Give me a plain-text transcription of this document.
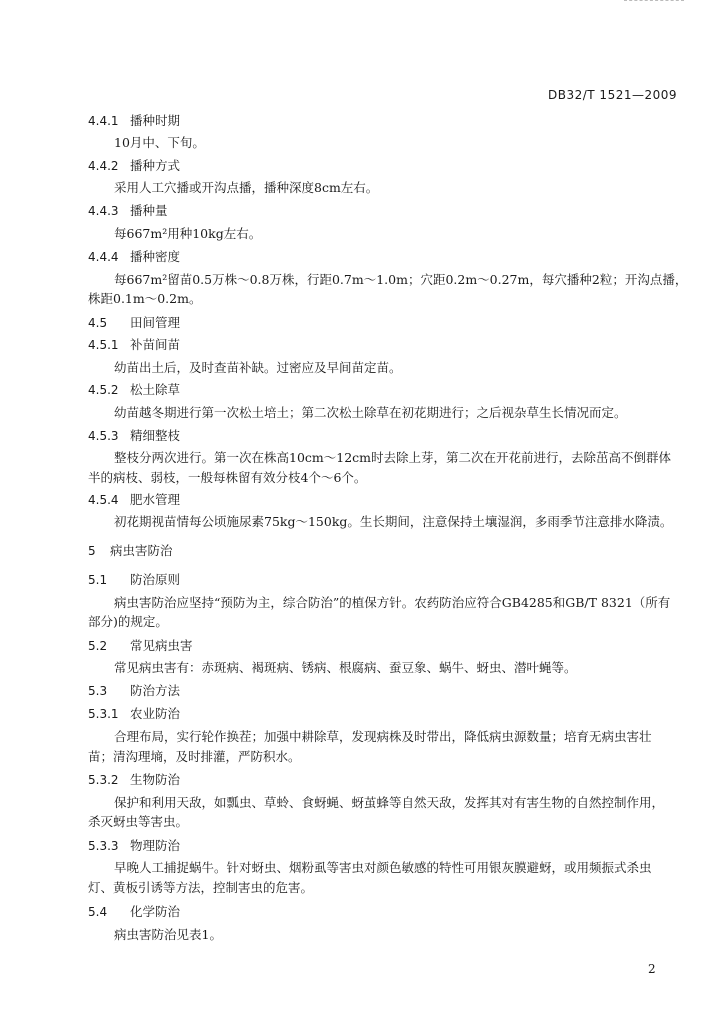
DB32/T 1521—2009
4.4.1 播种时期
10月中、下旬。
4.4.2 播种方式
采用人工穴播或开沟点播，播种深度8cm左右。
4.4.3 播种量
每667m²用种10kg左右。
4.4.4 播种密度
每667m²留苗0.5万株～0.8万株，行距0.7m～1.0m；穴距0.2m～0.27m，每穴播种2粒；开沟点播，
株距0.1m～0.2m。
4.5 田间管理
4.5.1 补苗间苗
幼苗出土后，及时查苗补缺。过密应及早间苗定苗。
4.5.2 松土除草
幼苗越冬期进行第一次松土培土；第二次松土除草在初花期进行；之后视杂草生长情况而定。
4.5.3 精细整枝
整枝分两次进行。第一次在株高10cm～12cm时去除上芽，第二次在开花前进行，去除茁高不倒群体
半的病枝、弱枝，一般每株留有效分枝4个～6个。
4.5.4 肥水管理
初花期视苗情每公顷施尿素75kg～150kg。生长期间，注意保持土壤湿润，多雨季节注意排水降渍。
5 病虫害防治
5.1 防治原则
病虫害防治应坚持“预防为主，综合防治”的植保方针。农药防治应符合GB4285和GB/T 8321（所有
部分)的规定。
5.2 常见病虫害
常见病虫害有：赤斑病、褐斑病、锈病、根腐病、蚕豆象、蜗牛、蚜虫、潜叶蝇等。
5.3 防治方法
5.3.1 农业防治
合理布局，实行轮作换茬；加强中耕除草，发现病株及时带出，降低病虫源数量；培育无病虫害壮
苗；清沟理墒，及时排灌，严防积水。
5.3.2 生物防治
保护和利用天敌，如瓢虫、草蛉、食蚜蝇、蚜茧蜂等自然天敌，发挥其对有害生物的自然控制作用，
杀灭蚜虫等害虫。
5.3.3 物理防治
早晚人工捕捉蜗牛。针对蚜虫、烟粉虱等害虫对颜色敏感的特性可用银灰膜避蚜，或用频振式杀虫
灯、黄板引诱等方法，控制害虫的危害。
5.4 化学防治
病虫害防治见表1。
2
